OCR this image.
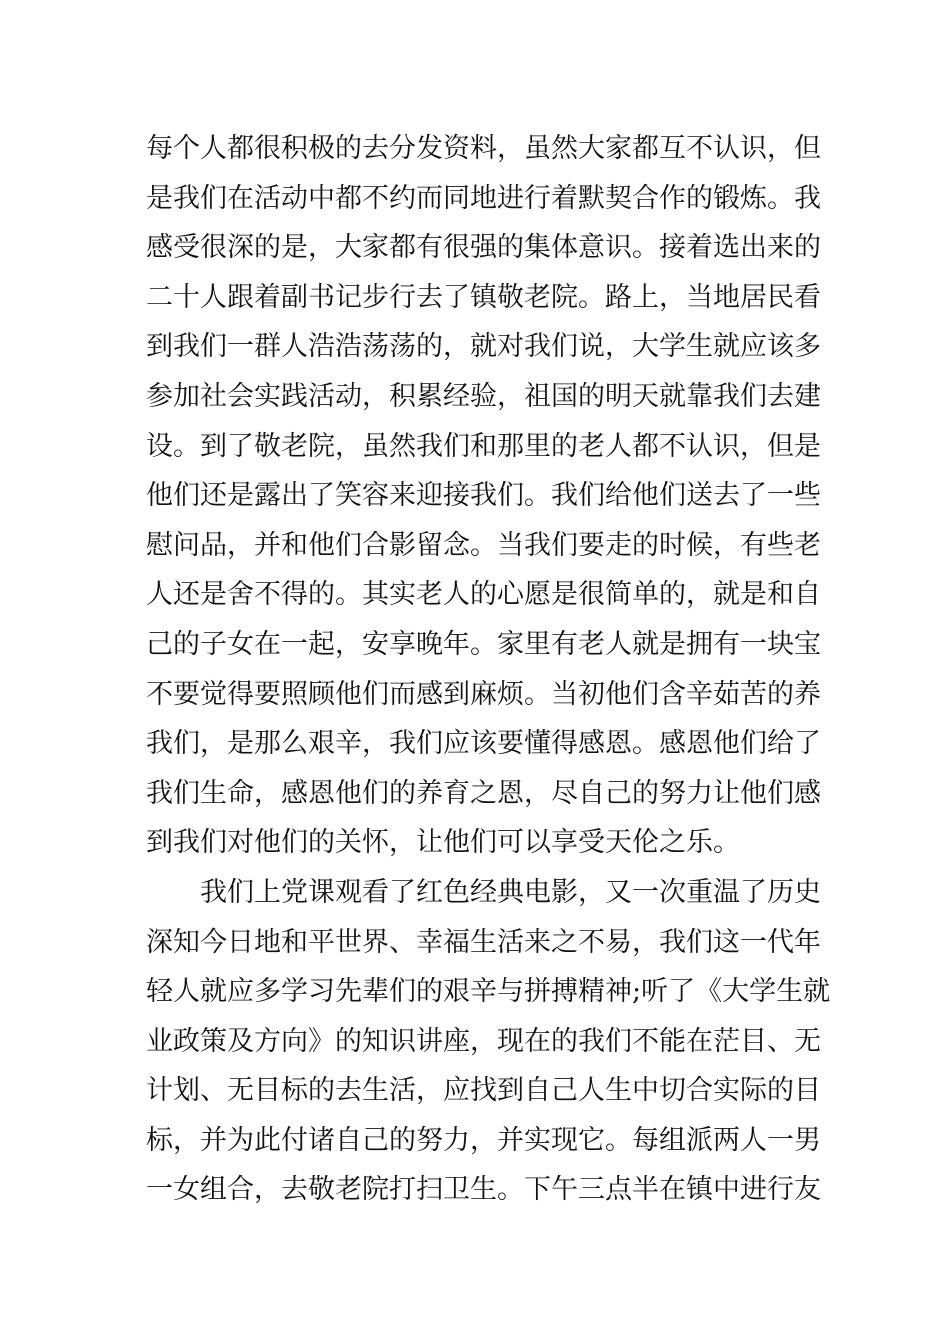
每个人都很积极的去分发资料，虽然大家都互不认识，但
是我们在活动中都不约而同地进行着默契合作的锻炼。我
感受很深的是，大家都有很强的集体意识。接着选出来的
二十人跟着副书记步行去了镇敬老院。路上，当地居民看
到我们一群人浩浩荡荡的，就对我们说，大学生就应该多
参加社会实践活动，积累经验，祖国的明天就靠我们去建
设。到了敬老院，虽然我们和那里的老人都不认识，但是
他们还是露出了笑容来迎接我们。我们给他们送去了一些
慰问品，并和他们合影留念。当我们要走的时候，有些老
人还是舍不得的。其实老人的心愿是很简单的，就是和自
己的子女在一起，安享晚年。家里有老人就是拥有一块宝
不要觉得要照顾他们而感到麻烦。当初他们含辛茹苦的养
我们，是那么艰辛，我们应该要懂得感恩。感恩他们给了
我们生命，感恩他们的养育之恩，尽自己的努力让他们感
到我们对他们的关怀，让他们可以享受天伦之乐。
我们上党课观看了红色经典电影，又一次重温了历史
深知今日地和平世界、幸福生活来之不易，我们这一代年
轻人就应多学习先辈们的艰辛与拼搏精神;听了《大学生就
业政策及方向》的知识讲座，现在的我们不能在茫目、无
计划、无目标的去生活，应找到自己人生中切合实际的目
标，并为此付诸自己的努力，并实现它。每组派两人一男
一女组合，去敬老院打扫卫生。下午三点半在镇中进行友
